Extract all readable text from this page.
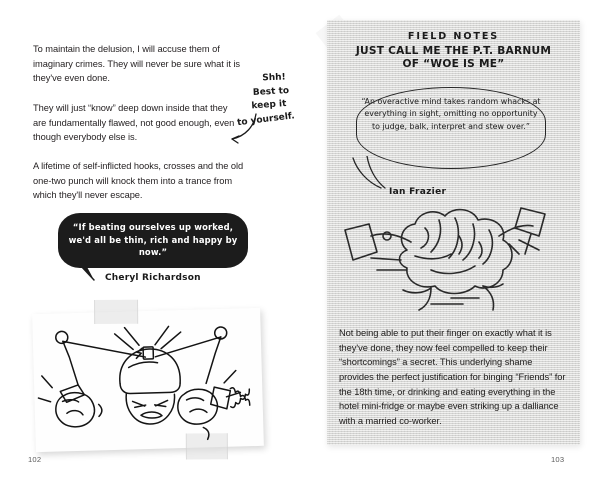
To maintain the delusion, I will accuse them of imaginary crimes. They will never be sure what it is they've even done.

They will just “know” deep down inside that they are fundamentally flawed, not good enough, even though everybody else is.

A lifetime of self-inflicted hooks, crosses and the old one-two punch will knock them into a trance from which they'll never escape.

Shh!
Best to
keep it
to yourself.
“If beating ourselves up worked, we'd all be thin, rich and happy by now.”
Cheryl Richardson
102
FIELD NOTES
JUST CALL ME THE P.T. BARNUM
OF “WOE IS ME”
“An overactive mind takes random whacks at everything in sight, omitting no opportunity to judge, balk, interpret and stew over.”
Ian Frazier

Not being able to put their finger on exactly what it is they've done, they now feel compelled to keep their “shortcomings” a secret. This underlying shame provides the perfect justification for binging “Friends” for the 18th time, or drinking and eating everything in the hotel mini-fridge or maybe even striking up a dalliance with a married co-worker.

103
